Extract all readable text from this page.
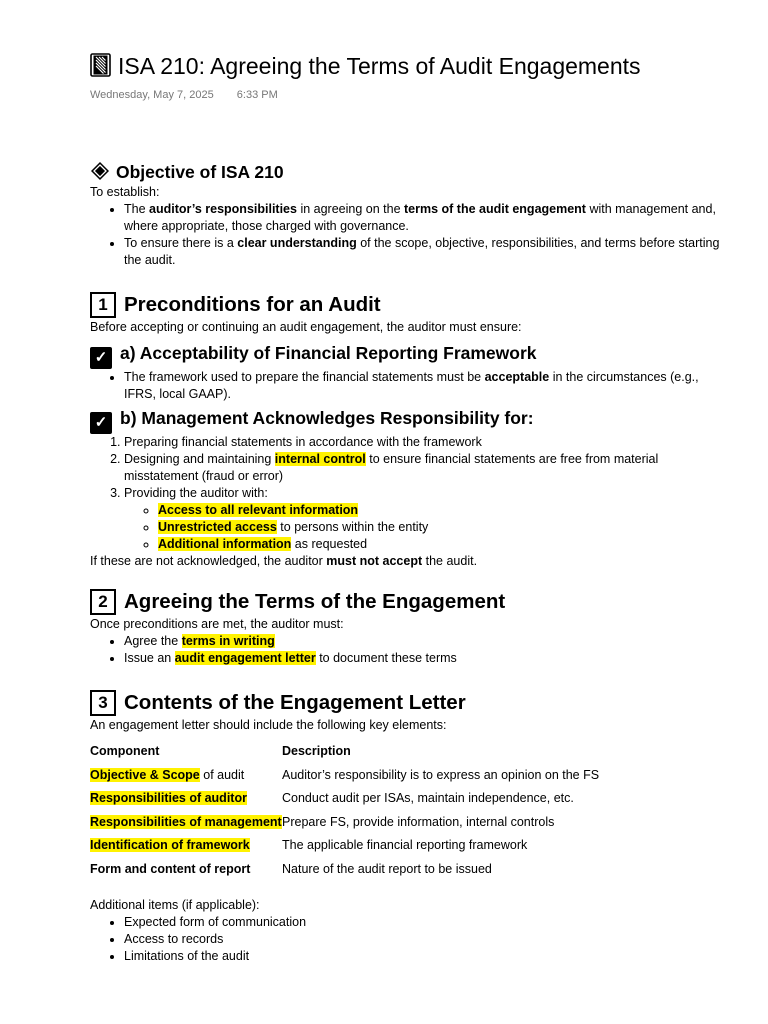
ISA 210: Agreeing the Terms of Audit Engagements
Wednesday, May 7, 2025 6:33 PM
Objective of ISA 210

To establish:

• The auditor’s responsibilities in agreeing on the terms of the audit engagement with management and, where appropriate, those charged with governance.
• To ensure there is a clear understanding of the scope, objective, responsibilities, and terms before starting the audit.
1 Preconditions for an Audit

Before accepting or continuing an audit engagement, the auditor must ensure:

✓ a) Acceptability of Financial Reporting Framework
• The framework used to prepare the financial statements must be acceptable in the circumstances (e.g., IFRS, local GAAP).
✓ b) Management Acknowledges Responsibility for:
1. Preparing financial statements in accordance with the framework
2. Designing and maintaining internal control to ensure financial statements are free from material misstatement (fraud or error)
3. Providing the auditor with:
◦ Access to all relevant information
◦ Unrestricted access to persons within the entity
◦ Additional information as requested

If these are not acknowledged, the auditor must not accept the audit.

2 Agreeing the Terms of the Engagement

Once preconditions are met, the auditor must:

• Agree the terms in writing
• Issue an audit engagement letter to document these terms
3 Contents of the Engagement Letter

An engagement letter should include the following key elements:

Component	Description
Objective & Scope of audit	Auditor’s responsibility is to express an opinion on the FS
Responsibilities of auditor	Conduct audit per ISAs, maintain independence, etc.
Responsibilities of management	Prepare FS, provide information, internal controls
Identification of framework	The applicable financial reporting framework
Form and content of report	Nature of the audit report to be issued

Additional items (if applicable):

• Expected form of communication
• Access to records
• Limitations of the audit
